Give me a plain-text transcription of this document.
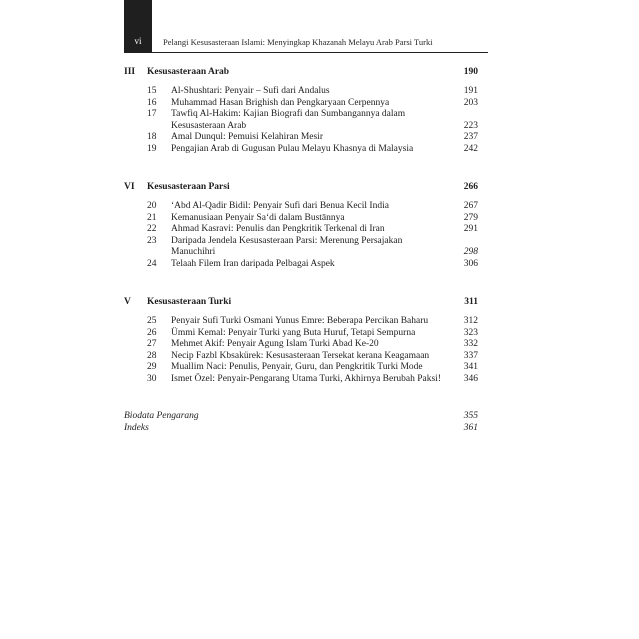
vi	Pelangi Kesusasteraan Islami: Menyingkap Khazanah Melayu Arab Parsi Turki
III	Kesusasteraan Arab	190
15	Al-Shushtari: Penyair – Sufi dari Andalus	191
16	Muhammad Hasan Brighish dan Pengkaryaan Cerpennya	203
17	Tawfiq Al-Hakim: Kajian Biografi dan Sumbangannya dalam Kesusasteraan Arab	223
18	Amal Dunqul: Pemuisi Kelahiran Mesir	237
19	Pengajian Arab di Gugusan Pulau Melayu Khasnya di Malaysia	242
VI	Kesusasteraan Parsi	266
20	‘Abd Al-Qadir Bidil: Penyair Sufi dari Benua Kecil India	267
21	Kemanusiaan Penyair Sa‘di dalam Bustānnya	279
22	Ahmad Kasravi: Penulis dan Pengkritik Terkenal di Iran	291
23	Daripada Jendela Kesusasteraan Parsi: Merenung Persajakan Manuchihri	298
24	Telaah Filem Iran daripada Pelbagai Aspek	306
V	Kesusasteraan Turki	311
25	Penyair Sufi Turki Osmani Yunus Emre: Beberapa Percikan Baharu	312
26	Ümmi Kemal: Penyair Turki yang Buta Huruf, Tetapi Sempurna	323
27	Mehmet Akif: Penyair Agung Islam Turki Abad Ke-20	332
28	Necip Fazbl Kbsakürek: Kesusasteraan Tersekat kerana Keagamaan	337
29	Muallim Naci: Penulis, Penyair, Guru, dan Pengkritik Turki Mode	341
30	Ismet Özel: Penyair-Pengarang Utama Turki, Akhirnya Berubah Paksi!	346
Biodata Pengarang	355
Indeks	361
